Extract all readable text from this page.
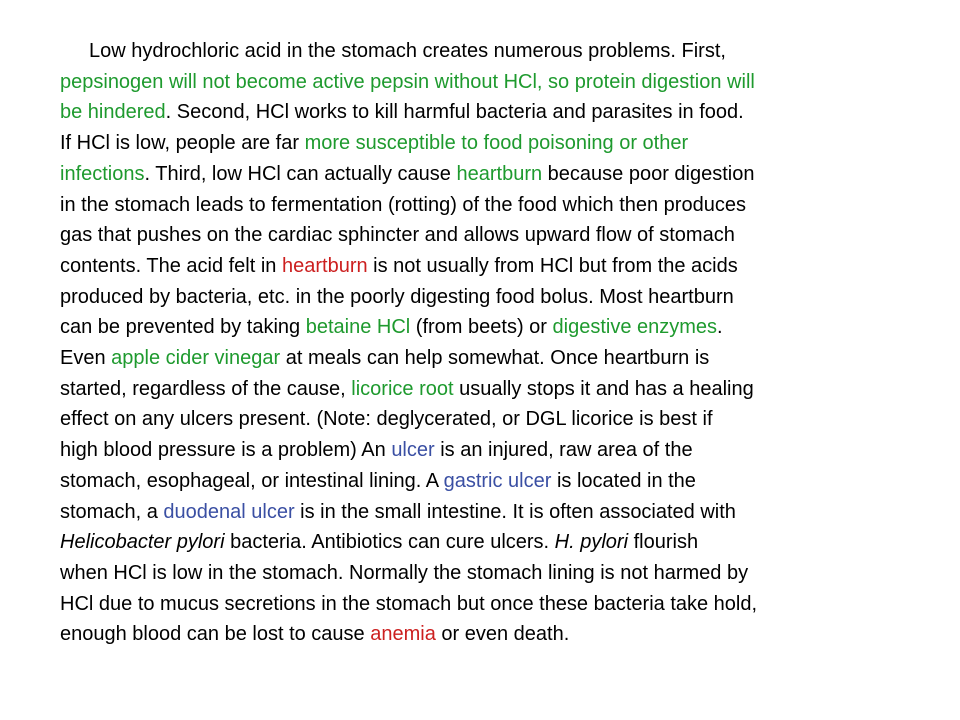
Low hydrochloric acid in the stomach creates numerous problems. First,
pepsinogen will not become active pepsin without HCl, so protein digestion will
be hindered. Second, HCl works to kill harmful bacteria and parasites in food.
If HCl is low, people are far more susceptible to food poisoning or other
infections. Third, low HCl can actually cause heartburn because poor digestion
in the stomach leads to fermentation (rotting) of the food which then produces
gas that pushes on the cardiac sphincter and allows upward flow of stomach
contents. The acid felt in heartburn is not usually from HCl but from the acids
produced by bacteria, etc. in the poorly digesting food bolus. Most heartburn
can be prevented by taking betaine HCl (from beets) or digestive enzymes.
Even apple cider vinegar at meals can help somewhat. Once heartburn is
started, regardless of the cause, licorice root usually stops it and has a healing
effect on any ulcers present. (Note: deglycerated, or DGL licorice is best if
high blood pressure is a problem) An ulcer is an injured, raw area of the
stomach, esophageal, or intestinal lining. A gastric ulcer is located in the
stomach, a duodenal ulcer is in the small intestine. It is often associated with
Helicobacter pylori bacteria. Antibiotics can cure ulcers. H. pylori flourish
when HCl is low in the stomach. Normally the stomach lining is not harmed by
HCl due to mucus secretions in the stomach but once these bacteria take hold,
enough blood can be lost to cause anemia or even death.
